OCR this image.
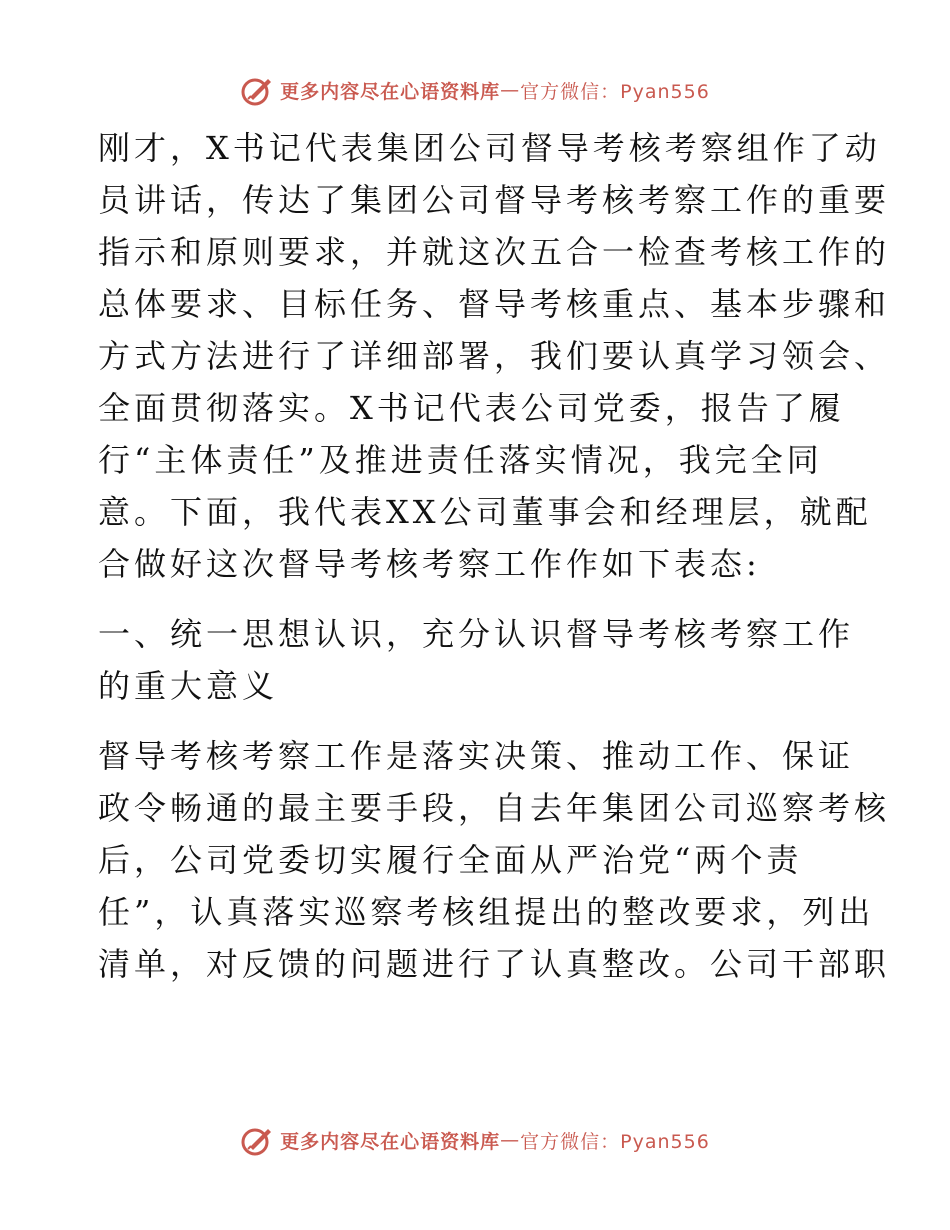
更多内容尽在心语资料库 — 官方微信：Pyan556
刚才，X书记代表集团公司督导考核考察组作了动
员讲话，传达了集团公司督导考核考察工作的重要
指示和原则要求，并就这次五合一检查考核工作的
总体要求、目标任务、督导考核重点、基本步骤和
方式方法进行了详细部署，我们要认真学习领会、
全面贯彻落实。X书记代表公司党委，报告了履
行“主体责任”及推进责任落实情况，我完全同
意。下面，我代表XX公司董事会和经理层，就配
合做好这次督导考核考察工作作如下表态:
一、统一思想认识，充分认识督导考核考察工作
的重大意义
督导考核考察工作是落实决策、推动工作、保证
政令畅通的最主要手段，自去年集团公司巡察考核
后，公司党委切实履行全面从严治党“两个责
任”，认真落实巡察考核组提出的整改要求，列出
清单，对反馈的问题进行了认真整改。公司干部职
更多内容尽在心语资料库 — 官方微信：Pyan556
